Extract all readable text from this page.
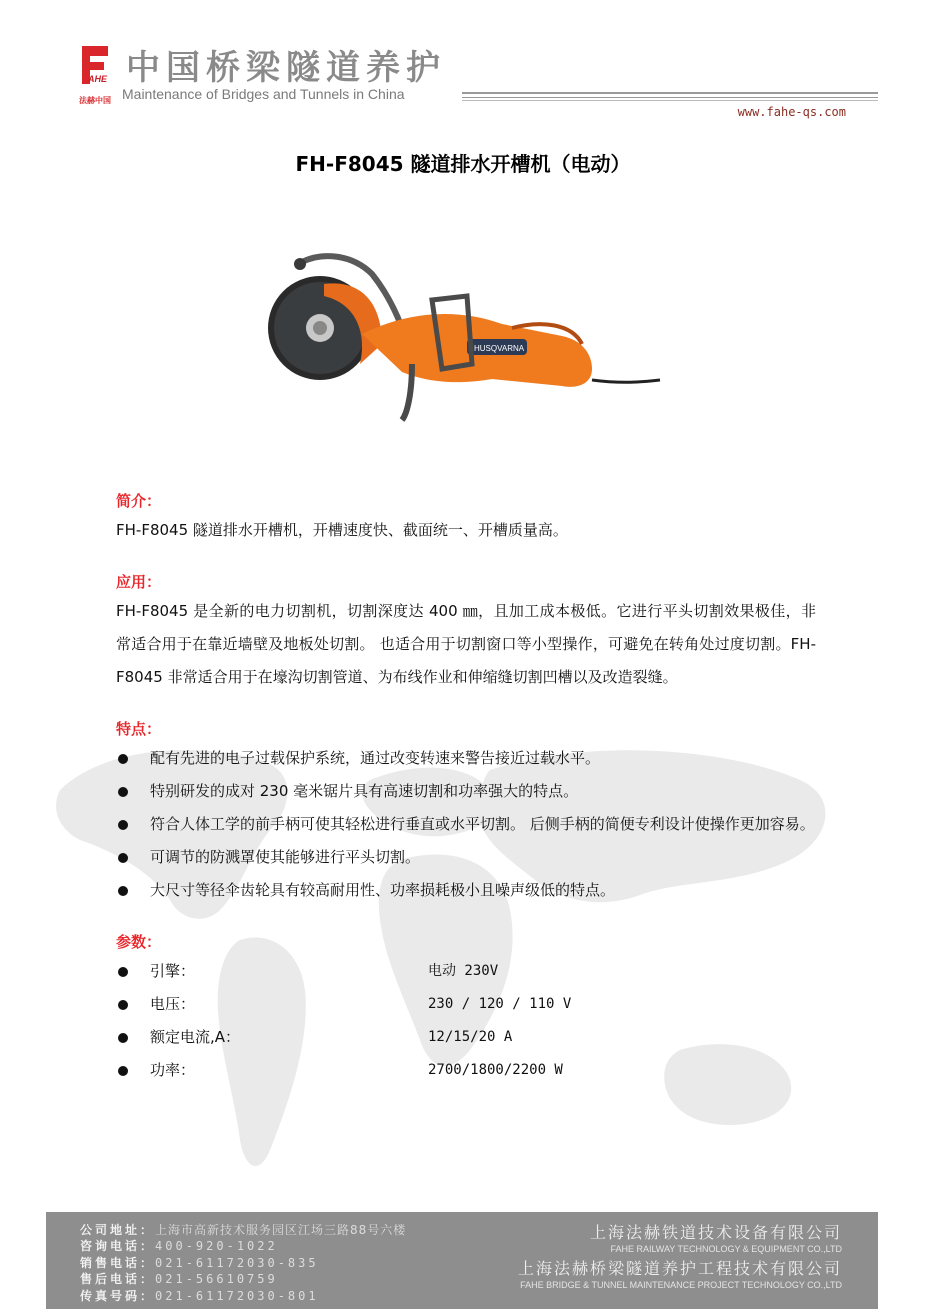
AHE
法赫中国
中国桥梁隧道养护
Maintenance of Bridges and Tunnels in China
www.fahe-qs.com
FH-F8045 隧道排水开槽机（电动）
HUSQVARNA
简介：
FH-F8045 隧道排水开槽机，开槽速度快、截面统一、开槽质量高。
应用：
FH-F8045 是全新的电力切割机，切割深度达 400 ㎜，且加工成本极低。它进行平头切割效果极佳，非常适合用于在靠近墙壁及地板处切割。 也适合用于切割窗口等小型操作，可避免在转角处过度切割。FH-F8045 非常适合用于在壕沟切割管道、为布线作业和伸缩缝切割凹槽以及改造裂缝。
特点：
配有先进的电子过载保护系统，通过改变转速来警告接近过载水平。
特别研发的成对 230 毫米锯片具有高速切割和功率强大的特点。
符合人体工学的前手柄可使其轻松进行垂直或水平切割。 后侧手柄的简便专利设计使操作更加容易。
可调节的防溅罩使其能够进行平头切割。
大尺寸等径伞齿轮具有较高耐用性、功率损耗极小且噪声级低的特点。
参数：
引擎：	电动 230V
电压：	230 / 120 / 110 V
额定电流,A：	12/15/20 A
功率：	2700/1800/2200 W
公司地址：上海市高新技术服务园区江场三路88号六楼
咨询电话：400-920-1022
销售电话：021-61172030-835
售后电话：021-56610759
传真号码：021-61172030-801
上海法赫铁道技术设备有限公司
FAHE RAILWAY TECHNOLOGY & EQUIPMENT CO.,LTD
上海法赫桥梁隧道养护工程技术有限公司
FAHE BRIDGE & TUNNEL MAINTENANCE PROJECT TECHNOLOGY CO.,LTD
